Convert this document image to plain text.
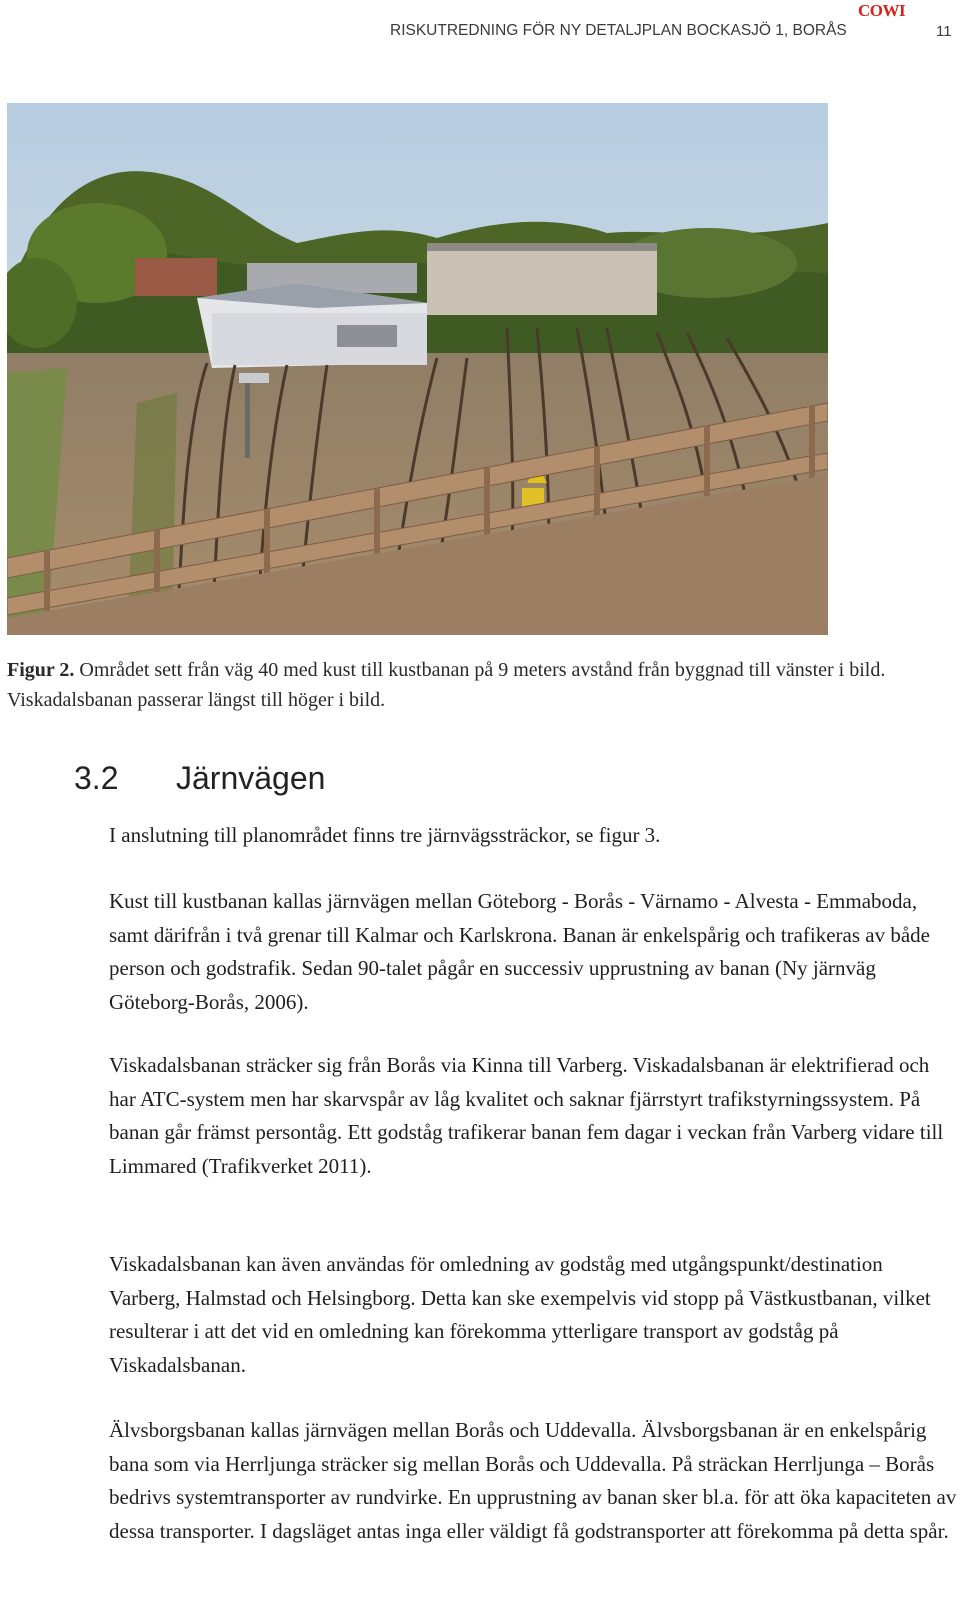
COWI
RISKUTREDNING FÖR NY DETALJPLAN BOCKASJÖ 1, BORÅS	11
Figur 2. Området sett från väg 40 med kust till kustbanan på 9 meters avstånd från byggnad till vänster i bild. Viskadalsbanan passerar längst till höger i bild.
3.2 Järnvägen

I anslutning till planområdet finns tre järnvägssträckor, se figur 3.

Kust till kustbanan kallas järnvägen mellan Göteborg - Borås - Värnamo - Alvesta - Emmaboda, samt därifrån i två grenar till Kalmar och Karlskrona. Banan är enkelspårig och trafikeras av både person och godstrafik. Sedan 90-talet pågår en successiv upprustning av banan (Ny järnväg Göteborg-Borås, 2006).

Viskadalsbanan sträcker sig från Borås via Kinna till Varberg. Viskadalsbanan är elektrifierad och har ATC-system men har skarvspår av låg kvalitet och saknar fjärrstyrt trafikstyrningssystem. På banan går främst persontåg. Ett godståg trafikerar banan fem dagar i veckan från Varberg vidare till Limmared (Trafikverket 2011).

Viskadalsbanan kan även användas för omledning av godståg med utgångspunkt/destination Varberg, Halmstad och Helsingborg. Detta kan ske exempelvis vid stopp på Västkustbanan, vilket resulterar i att det vid en omledning kan förekomma ytterligare transport av godståg på Viskadalsbanan.

Älvsborgsbanan kallas järnvägen mellan Borås och Uddevalla. Älvsborgsbanan är en enkelspårig bana som via Herrljunga sträcker sig mellan Borås och Uddevalla. På sträckan Herrljunga – Borås bedrivs systemtransporter av rundvirke. En upprustning av banan sker bl.a. för att öka kapaciteten av dessa transporter. I dagsläget antas inga eller väldigt få godstransporter att förekomma på detta spår.
